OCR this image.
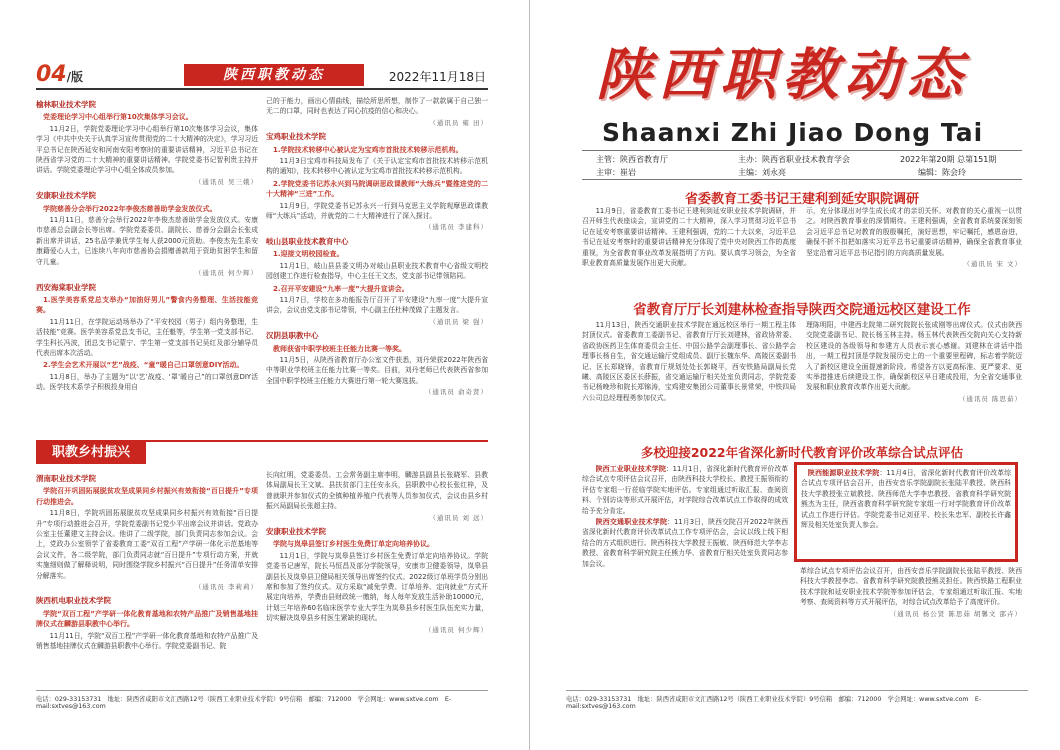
04/版	陕西职教动态	2022年11月18日

榆林职业技术学院

党委理论学习中心组举行第10次集体学习会议。

11月2日，学院党委理论学习中心组举行第10次集体学习会议，集体学习《中共中央关于认真学习宣传贯彻党的二十大精神的决定》，学习习近平总书记在陕西延安和河南安阳考察时的重要讲话精神，习近平总书记在陕西省学习党的二十大精神的重要讲话精神。学院党委书记智利贵主持并讲话。学院党委理论学习中心组全体成员参加。

（通讯员 吴三娥）

安康职业技术学院

学院慈善分会举行2022年李俊杰慈善助学金发放仪式。

11月11日，慈善分会举行2022年李俊杰慈善助学金发放仪式。安康市慈善总会副会长等出席。学院党委委员、副院长、慈善分会副会长张成新出席并讲话，25名品学兼优学生每人获2000元资助。李俊杰先生系安康籍爱心人士，已连续八年向市慈善协会捐赠善款用于资助贫困学生和留守儿童。

（通讯员 何少辉）

西安海棠职业学院

1.医学美容系党总支举办“加油好男儿”警食内务整理、生活技能竞赛。

11月11日，在学院运动场举办了“平安校园（男子）组内务整理，生活技能”竞赛。医学美容系党总支书记，主任魁等，学生第一党支部书记、学生科长冯波，团总支书记蒙宁、学生第一党支部书记吴红及部分辅导员代表出席本次活动。

2.学生会艺术开展以“艺”战疫、“童”暖自己口罩创意DIY活动。

11月8日，举办了主题为“以‘艺’战疫、‘罩’暖自己”的口罩创意DIY活动。医学技术系学子积极投身用自

己的于能力，画出心情曲线，描绘所思所想，制作了一款款属于自己独一无二的口罩，同时也表达了同心抗疫的信心和决心。

（通讯员 雍 田）

宝鸡职业技术学院

1.学院技术转移中心被认定为宝鸡市首批技术转移示范机构。

11月3日宝鸡市科技局发布了《关于认定宝鸡市首批技术转移示范机构的通知》，技术转移中心被认定为宝鸡市首批技术转移示范机构。

2.学院党委书记苏永兴到马院调研思政课教师“大练兵”暨推进党的二十大精神“三进”工作。

11月9日，学院党委书记苏永兴一行到马克思主义学院观摩思政课教师“大练兵”活动，并就党的二十大精神进行了深入探讨。

（通讯员 李建科）

岐山县职业技术教育中心

1.迎接文明校园检查。

11月1日，岐山县县委文明办对岐山县职业技术教育中心省级文明校园创建工作进行检查指导，中心主任王文杰，党支部书记带领陪同。

2.召开平安建设“九率一度”大提升宣讲会。

11月7日，学校在多功能报告厅召开了平安建设“九率一度”大提升宣讲会，会议由党支部书记带领，中心副主任杜种茂做了主题发言。

（通讯员 梁 强）

汉阴县职教中心

教师获省中职学校班主任能力比赛一等奖。

11月5日，从陕西省教育厅办公室文件获悉，刘丹荣获2022年陕西省中等职业学校班主任能力比赛一等奖。目前，刘丹老师已代表陕西省参加全国中职学校班主任能力大赛进行第一轮大赛选拔。

（通讯员 俞奇贤）

职教乡村振兴

渭南职业技术学院

学院召开巩固拓展脱贫攻坚成果同乡村振兴有效衔接“百日提升”专项行动推进会。

11月8日，学院巩固拓展脱贫攻坚成果同乡村振兴有效衔接“百日提升”专项行动推进会召开，学院党委副书记党少平出席会议并讲话。党政办公室主任董建文主持会议。他讲了二级学院，部门负责同志参加会议。会上，党政办公室领学了省委教育工委“双百工程”产学研一体化示范基地等会议文件，各二级学院，部门负责同志就“百日提升”专项行动方案，并就实施细则做了解释说明，同时围绕学院乡村振兴“百日提升”任务清单安排分解落实。

（通讯员 李莉莉）

陕西机电职业技术学院

学院“双百工程”产学研一体化教育基地和农特产品推广及销售基地挂牌仪式在麟游县职教中心举行。

11月11日，学院“双百工程”产学研一体化教育基地和农特产品推广及销售基地挂牌仪式在麟游县职教中心举行。学院党委副书记、院

长向红明，党委委员、工会常务副主席李明，麟游县副县长张晓军、县教体局副局长王文斌、县扶贫部门主任安永兵，县职教中心校长张红梓，及曾就职并参加仪式的全镇种植养殖户代表等人员参加仪式，会议由县乡村振兴局副局长张超主持。

（通讯员 刘 远）

安康职业技术学院

学院与岚皋县签订乡村医生免费订单定向培养协议。

11月1日，学院与岚皋县签订乡村医生免费订单定向培养协议。学院党委书记唐军，院长马恒昌及部分学院领导，安康市卫健委领导，岚皋县副县长及岚皋县卫健局相关领导出席签约仪式。2022级订单班学员分别出席和参加了签约仪式。双方采取“减免学费、订单培养、定向就业”方式开展定向培养，学费由县财政统一缴纳，每人每年发放生活补助10000元，计划三年培养60名临床医学专业大学生为岚皋县乡村医生队伍充实力量，切实解决岚皋县乡村医生紧缺的现状。

（通讯员 何少辉）

电话：029-33153731　地址：陕西省咸阳市文汇西路12号（陕西工业职业技术学院）9号信箱　邮编：712000　学会网址：www.sxtve.com　E-mail:sxtves@163.com
陕西职教动态
Shaanxi Zhi Jiao Dong Tai
主管：陕西省教育厅	主办：陕西省职业技术教育学会	2022年第20期 总第151期
主审：崔岩	主编：刘永亮	编辑：陈会玲
省委教育工委书记王建利到延安职院调研

11月9日，省委教育工委书记王建利到延安职业技术学院调研，并召开师生代表座谈会，宣讲党的二十大精神，深入学习贯彻习近平总书记在延安考察重要讲话精神。王建利强调，党的二十大以来，习近平总书记在延安考察时的重要讲话精神充分体现了党中央对陕西工作的高度重视，为全省教育事业改革发展指明了方向。要认真学习领会，为全省职业教育高质量发展作出更大贡献。

示，充分体现出对学生成长成才的亲切关怀。对教育的关心重视一以贯之。对陕西教育事业的深情期待。王建利强调，全省教育系统要深刻领会习近平总书记对教育的殷殷嘱托，演好思想，牢记嘱托，感恩奋进，确保不折不扣把如落实习近平总书记重要讲话精神，确保全省教育事业坚定沿着习近平总书记指引的方向高质量发展。

（通讯员 宋 文）

省教育厅厅长刘建林检查指导陕西交院通远校区建设工作

11月13日，陕西交通职业技术学院在通远校区举行一期工程主体封顶仪式。省委教育工委副书记、省教育厅厅长刘建林，省政协常委、省政协医药卫生体育委员会主任、中国公路学会副理事长、省公路学会理事长杨自生，省交通运输厅党组成员、副厅长魏东华、高陵区委副书记、区长郑晓锋，省教育厅规划处处长郭晓平，西安铁路局副局长党曦、高陵区区委区长薛振，省交通运输厅相关处室负责同志，学院党委书记杨晚珍和院长郑锦涛，宝鸡建安集团公司董事长景常荣，中铁四局六公司总经理程勇参加仪式。

理陈明阳，中建西北院第二研究院院长张成刚等出席仪式。仪式由陕西交院党委副书记、院长杨玉林主持。杨玉林代表陕西交院向关心支持新校区建设的各级领导和参建方人员表示衷心感谢。刘建林在讲话中指出，一期工程封顶是学院发展历史上的一个重要里程碑，标志着学院迈入了新校区建设全面提速新阶段。希望各方以更高标准、更严要求、更实举措推进后续建设工作，确保新校区早日建成投用，为全省交通事业发展和职业教育改革作出更大贡献。

（通讯员 陈思茹）

多校迎接2022年省深化新时代教育评价改革综合试点评估

陕西工业职业技术学院：11月1日，省深化新时代教育评价改革综合试点专项评估会议召开，由陕西科技大学校长、教授王振领衔的评估专家组一行莅临学院实地评估。专家组通过听取汇报、查阅资料、个别访谈等形式开展评估，对学院综合改革试点工作取得的成效给予充分肯定。

陕西交通职业技术学院：11月3日，陕西交院召开2022年陕西省深化新时代教育评价改革试点工作专项评估会，会议以线上线下相结合的方式组织进行。陕西科技大学教授王振敏、陕西师范大学李志教授、省教育科学研究院主任熊力华、省教育厅相关处室负责同志参加会议。

革综合试点专项评估会议召开，由西安音乐学院副院长张陆平教授、陕西科技大学教授李忠、省教育科学研究院教授熊灵担任。陕西铁路工程职业技术学院和延安职业技术学院等参加评估会，专家组通过听取汇报、实地考察、查阅资料等方式开展评估，对综合试点改革给予了高度评价。

（通讯员 杨公贤 陈思茹 胡馨文 邵卉）

陕西能源职业技术学院：11月4日，省深化新时代教育评价改革综合试点专项评估会召开，由西安音乐学院副院长张陆平教授、陕西科技大学教授张立斌教授、陕西师范大学李忠教授、省教育科学研究院熊杰为主任，陕西省教育科学研究院专家组一行对学院教育评价改革试点工作进行评估。学院党委书记刘亚平、校长朱忠军、副校长许鑫辉及相关处室负责人参会。

电话：029-33153731　地址：陕西省咸阳市文汇西路12号（陕西工业职业技术学院）9号信箱　邮编：712000　学会网址：www.sxtve.com　E-mail:sxtves@163.com
